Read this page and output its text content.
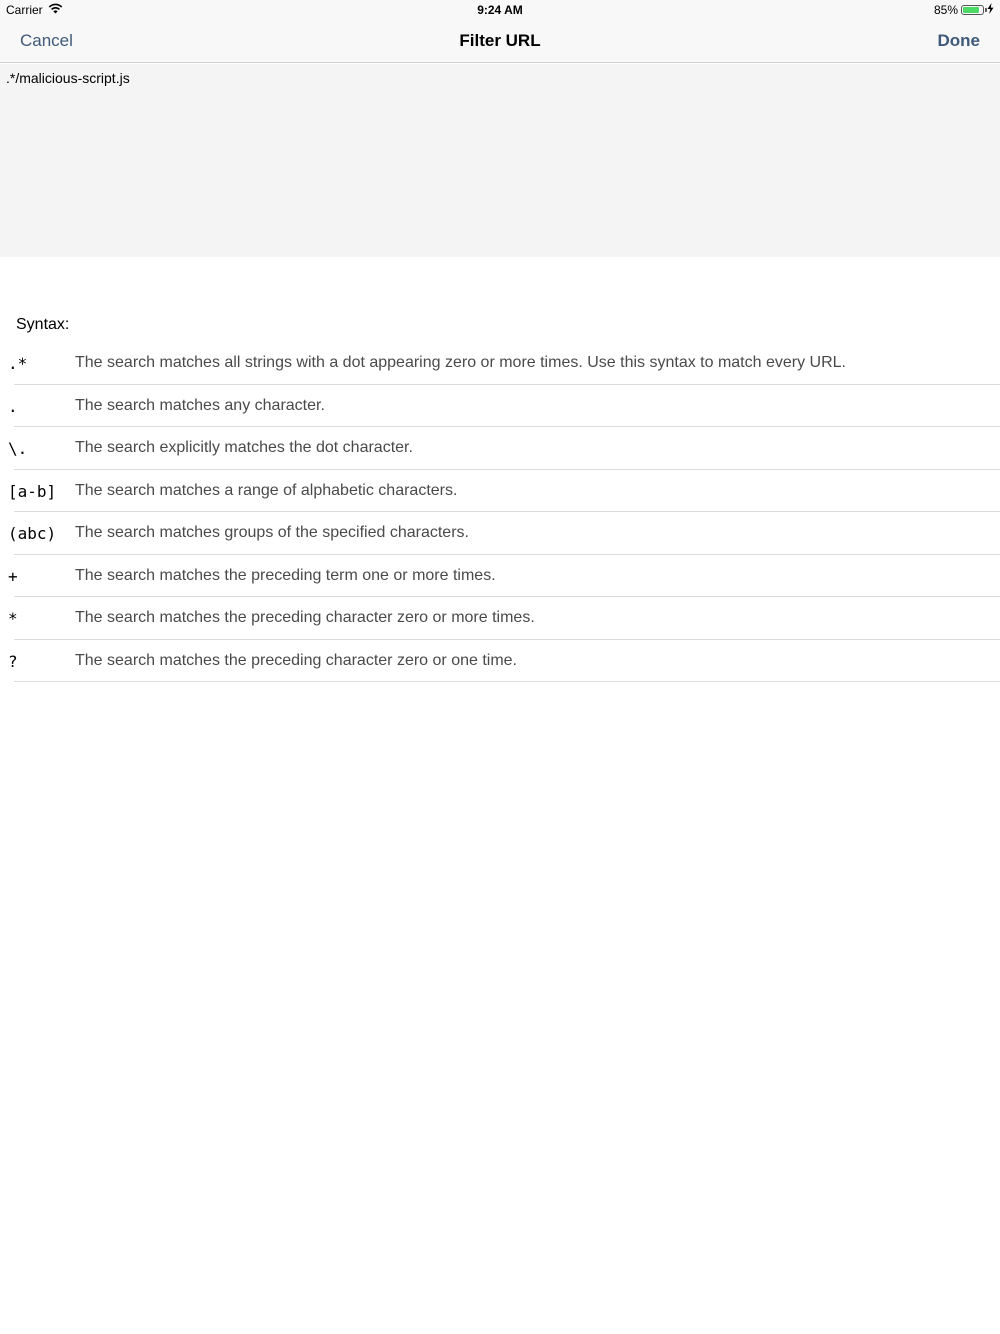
Carrier	9:24 AM	85%
Cancel	Filter URL	Done
.*/malicious-script.js
Syntax:
.*	The search matches all strings with a dot appearing zero or more times. Use this syntax to match every URL.
.	The search matches any character.
\.	The search explicitly matches the dot character.
[a-b] The search matches a range of alphabetic characters.
(abc) The search matches groups of the specified characters.
+	The search matches the preceding term one or more times.
*	The search matches the preceding character zero or more times.
?	The search matches the preceding character zero or one time.
